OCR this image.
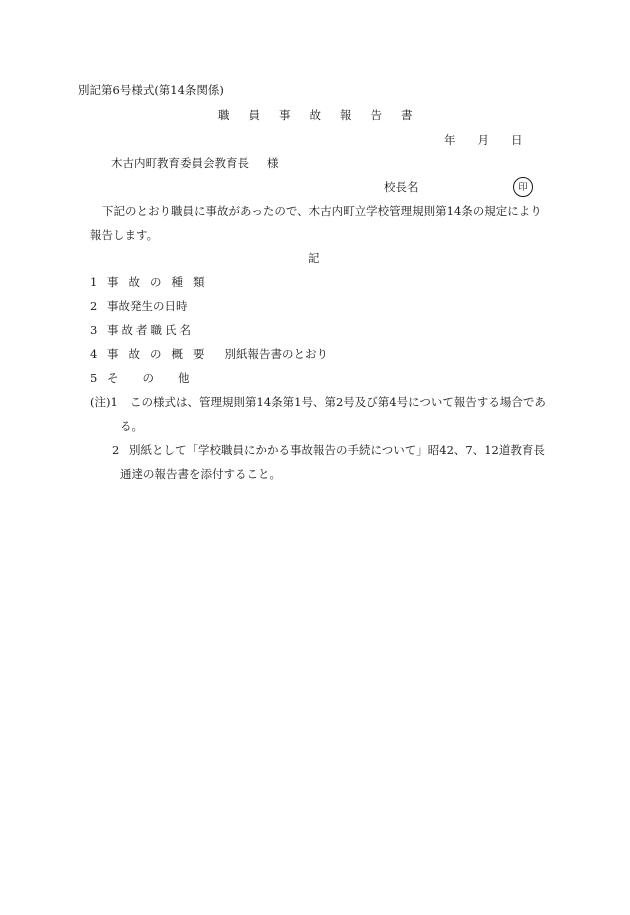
別記第6号様式(第14条関係)
職 員 事 故 報 告 書
年 月 日
木古内町教育委員会教育長 様
校長名	印
下記のとおり職員に事故があったので、木古内町立学校管理規則第14条の規定により
報告します。
記
1 事 故 の 種 類
2 事故発生の日時
3 事 故 者 職 氏 名
4 事 故 の 概 要 別紙報告書のとおり
5 そ の 他
(注)1 この様式は、管理規則第14条第1号、第2号及び第4号について報告する場合であ
る。
2 別紙として「学校職員にかかる事故報告の手続について」昭42、7、12道教育長
通達の報告書を添付すること。
